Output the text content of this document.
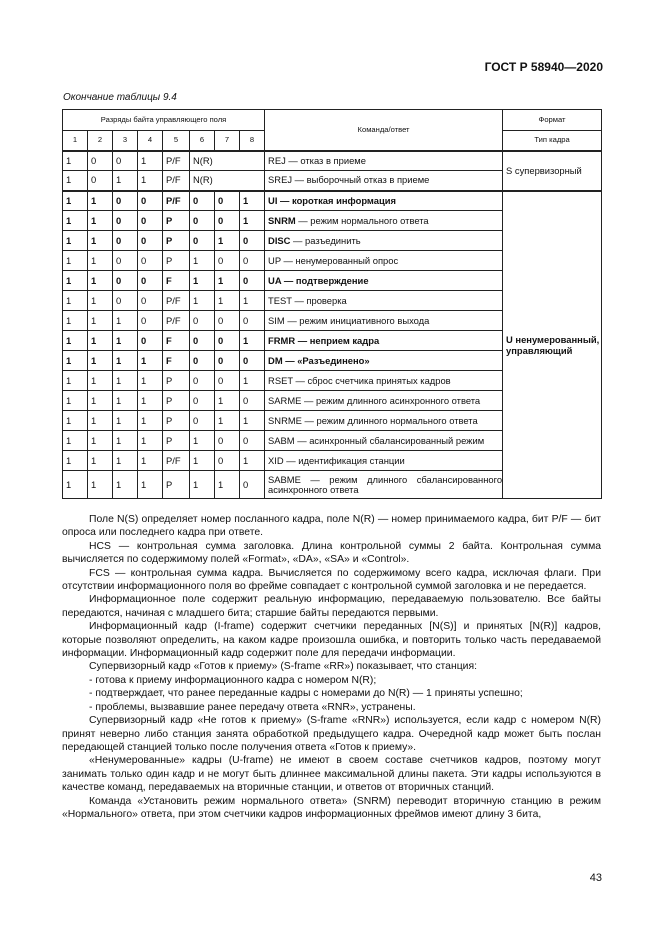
ГОСТ Р 58940—2020
Окончание таблицы 9.4
Разряды байта управляющего поля								Команда/ответ	Формат
1	2	3	4	5	6	7	8		Тип кадра
1	0	0	1	P/F	N(R)			REJ — отказ в приеме	S супервизорный
1	0	1	1	P/F	N(R)			SREJ — выборочный отказ в приеме	
1	1	0	0	P/F	0	0	1	UI — короткая информация	U ненумерованный, управляющий
1	1	0	0	P	0	0	1	SNRM — режим нормального ответа	
1	1	0	0	P	0	1	0	DISC — разъединить	
1	1	0	0	P	1	0	0	UP — ненумерованный опрос	
1	1	0	0	F	1	1	0	UA — подтверждение	
1	1	0	0	P/F	1	1	1	TEST — проверка	
1	1	1	0	P/F	0	0	0	SIM — режим инициативного выхода	
1	1	1	0	F	0	0	1	FRMR — неприем кадра	
1	1	1	1	F	0	0	0	DM — «Разъединено»	
1	1	1	1	P	0	0	1	RSET — сброс счетчика принятых кадров	
1	1	1	1	P	0	1	0	SARME — режим длинного асинхронного ответа	
1	1	1	1	P	0	1	1	SNRME — режим длинного нормального ответа	
1	1	1	1	P	1	0	0	SABM — асинхронный сбалансированный режим	
1	1	1	1	P/F	1	0	1	XID — идентификация станции	
1	1	1	1	P	1	1	0	SABME — режим длинного сбалансированного асинхронного ответа	

Поле N(S) определяет номер посланного кадра, поле N(R) — номер принимаемого кадра, бит P/F — бит опроса или последнего кадра при ответе.

HCS — контрольная сумма заголовка. Длина контрольной суммы 2 байта. Контрольная сумма вычисляется по содержимому полей «Format», «DA», «SA» и «Control».

FCS — контрольная сумма кадра. Вычисляется по содержимому всего кадра, исключая флаги. При отсутствии информационного поля во фрейме совпадает с контрольной суммой заголовка и не передается.

Информационное поле содержит реальную информацию, передаваемую пользователю. Все байты передаются, начиная с младшего бита; старшие байты передаются первыми.

Информационный кадр (I-frame) содержит счетчики переданных [N(S)] и принятых [N(R)] кадров, которые позволяют определить, на каком кадре произошла ошибка, и повторить только часть передаваемой информации. Информационный кадр содержит поле для передачи информации.

Супервизорный кадр «Готов к приему» (S-frame «RR») показывает, что станция:

- готова к приему информационного кадра с номером N(R);

- подтверждает, что ранее переданные кадры с номерами до N(R) — 1 приняты успешно;

- проблемы, вызвавшие ранее передачу ответа «RNR», устранены.

Супервизорный кадр «Не готов к приему» (S-frame «RNR») используется, если кадр с номером N(R) принят неверно либо станция занята обработкой предыдущего кадра. Очередной кадр может быть послан передающей станцией только после получения ответа «Готов к приему».

«Ненумерованные» кадры (U-frame) не имеют в своем составе счетчиков кадров, поэтому могут занимать только один кадр и не могут быть длиннее максимальной длины пакета. Эти кадры используются в качестве команд, передаваемых на вторичные станции, и ответов от вторичных станций.

Команда «Установить режим нормального ответа» (SNRM) переводит вторичную станцию в режим «Нормального» ответа, при этом счетчики кадров информационных фреймов имеют длину 3 бита,

43
